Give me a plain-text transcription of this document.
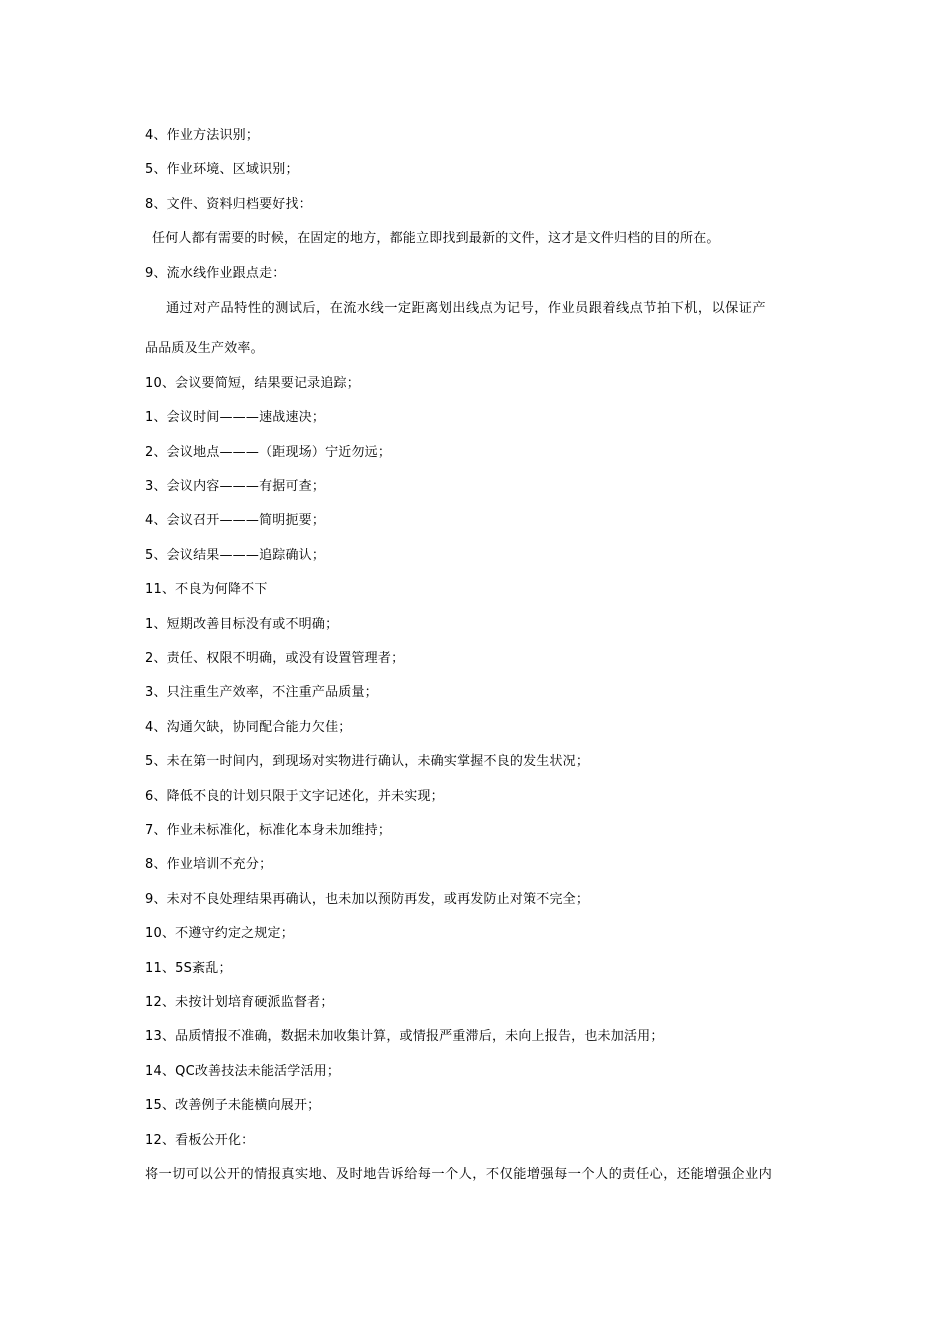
4、作业方法识别；
5、作业环境、区域识别；
8、文件、资料归档要好找：
任何人都有需要的时候，在固定的地方，都能立即找到最新的文件，这才是文件归档的目的所在。
9、流水线作业跟点走：
通过对产品特性的测试后，在流水线一定距离划出线点为记号，作业员跟着线点节拍下机，以保证产
品品质及生产效率。
10、会议要简短，结果要记录追踪；
1、会议时间———速战速决；
2、会议地点———（距现场）宁近勿远；
3、会议内容———有据可查；
4、会议召开———简明扼要；
5、会议结果———追踪确认；
11、不良为何降不下
1、短期改善目标没有或不明确；
2、责任、权限不明确，或没有设置管理者；
3、只注重生产效率，不注重产品质量；
4、沟通欠缺，协同配合能力欠佳；
5、未在第一时间内，到现场对实物进行确认，未确实掌握不良的发生状况；
6、降低不良的计划只限于文字记述化，并未实现；
7、作业未标准化，标准化本身未加维持；
8、作业培训不充分；
9、未对不良处理结果再确认，也未加以预防再发，或再发防止对策不完全；
10、不遵守约定之规定；
11、5S紊乱；
12、未按计划培育硬派监督者；
13、品质情报不准确，数据未加收集计算，或情报严重滞后，未向上报告，也未加活用；
14、QC改善技法未能活学活用；
15、改善例子未能横向展开；
12、看板公开化：
将一切可以公开的情报真实地、及时地告诉给每一个人，不仅能增强每一个人的责任心，还能增强企业内
